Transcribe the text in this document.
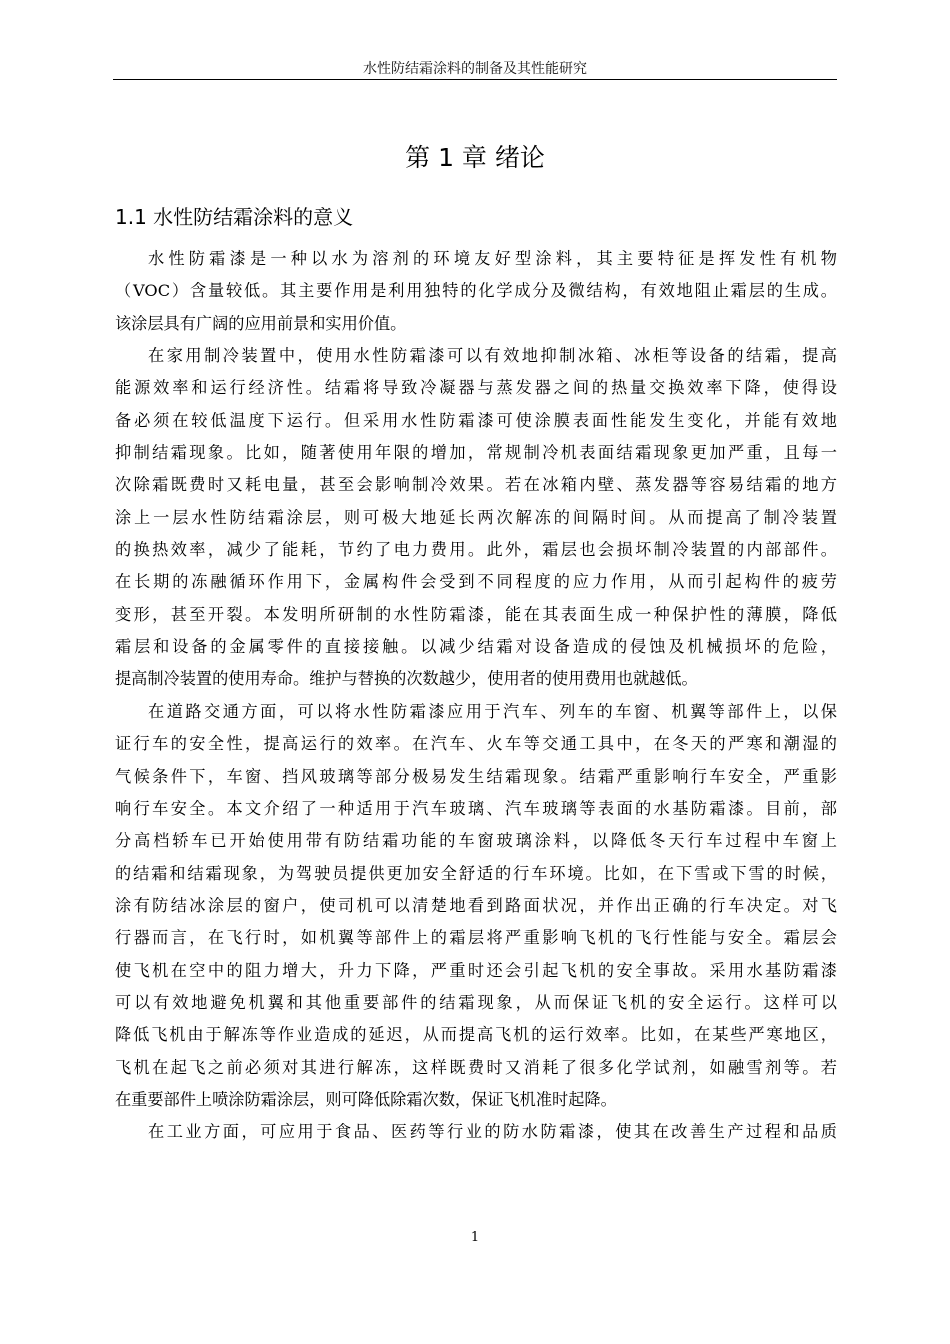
水性防结霜涂料的制备及其性能研究
第 1 章 绪论
1.1 水性防结霜涂料的意义
水性防霜漆是一种以水为溶剂的环境友好型涂料，其主要特征是挥发性有机物
（VOC）含量较低。其主要作用是利用独特的化学成分及微结构，有效地阻止霜层的生成。
该涂层具有广阔的应用前景和实用价值。
在家用制冷装置中，使用水性防霜漆可以有效地抑制冰箱、冰柜等设备的结霜，提高
能源效率和运行经济性。结霜将导致冷凝器与蒸发器之间的热量交换效率下降，使得设
备必须在较低温度下运行。但采用水性防霜漆可使涂膜表面性能发生变化，并能有效地
抑制结霜现象。比如，随著使用年限的增加，常规制冷机表面结霜现象更加严重，且每一
次除霜既费时又耗电量，甚至会影响制冷效果。若在冰箱内壁、蒸发器等容易结霜的地方
涂上一层水性防结霜涂层，则可极大地延长两次解冻的间隔时间。从而提高了制冷装置
的换热效率，减少了能耗，节约了电力费用。此外，霜层也会损坏制冷装置的内部部件。
在长期的冻融循环作用下，金属构件会受到不同程度的应力作用，从而引起构件的疲劳
变形，甚至开裂。本发明所研制的水性防霜漆，能在其表面生成一种保护性的薄膜，降低
霜层和设备的金属零件的直接接触。以减少结霜对设备造成的侵蚀及机械损坏的危险，
提高制冷装置的使用寿命。维护与替换的次数越少，使用者的使用费用也就越低。
在道路交通方面，可以将水性防霜漆应用于汽车、列车的车窗、机翼等部件上，以保
证行车的安全性，提高运行的效率。在汽车、火车等交通工具中，在冬天的严寒和潮湿的
气候条件下，车窗、挡风玻璃等部分极易发生结霜现象。结霜严重影响行车安全，严重影
响行车安全。本文介绍了一种适用于汽车玻璃、汽车玻璃等表面的水基防霜漆。目前，部
分高档轿车已开始使用带有防结霜功能的车窗玻璃涂料，以降低冬天行车过程中车窗上
的结霜和结霜现象，为驾驶员提供更加安全舒适的行车环境。比如，在下雪或下雪的时候，
涂有防结冰涂层的窗户，使司机可以清楚地看到路面状况，并作出正确的行车决定。对飞
行器而言，在飞行时，如机翼等部件上的霜层将严重影响飞机的飞行性能与安全。霜层会
使飞机在空中的阻力增大，升力下降，严重时还会引起飞机的安全事故。采用水基防霜漆
可以有效地避免机翼和其他重要部件的结霜现象，从而保证飞机的安全运行。这样可以
降低飞机由于解冻等作业造成的延迟，从而提高飞机的运行效率。比如，在某些严寒地区，
飞机在起飞之前必须对其进行解冻，这样既费时又消耗了很多化学试剂，如融雪剂等。若
在重要部件上喷涂防霜涂层，则可降低除霜次数，保证飞机准时起降。
在工业方面，可应用于食品、医药等行业的防水防霜漆，使其在改善生产过程和品质
1
